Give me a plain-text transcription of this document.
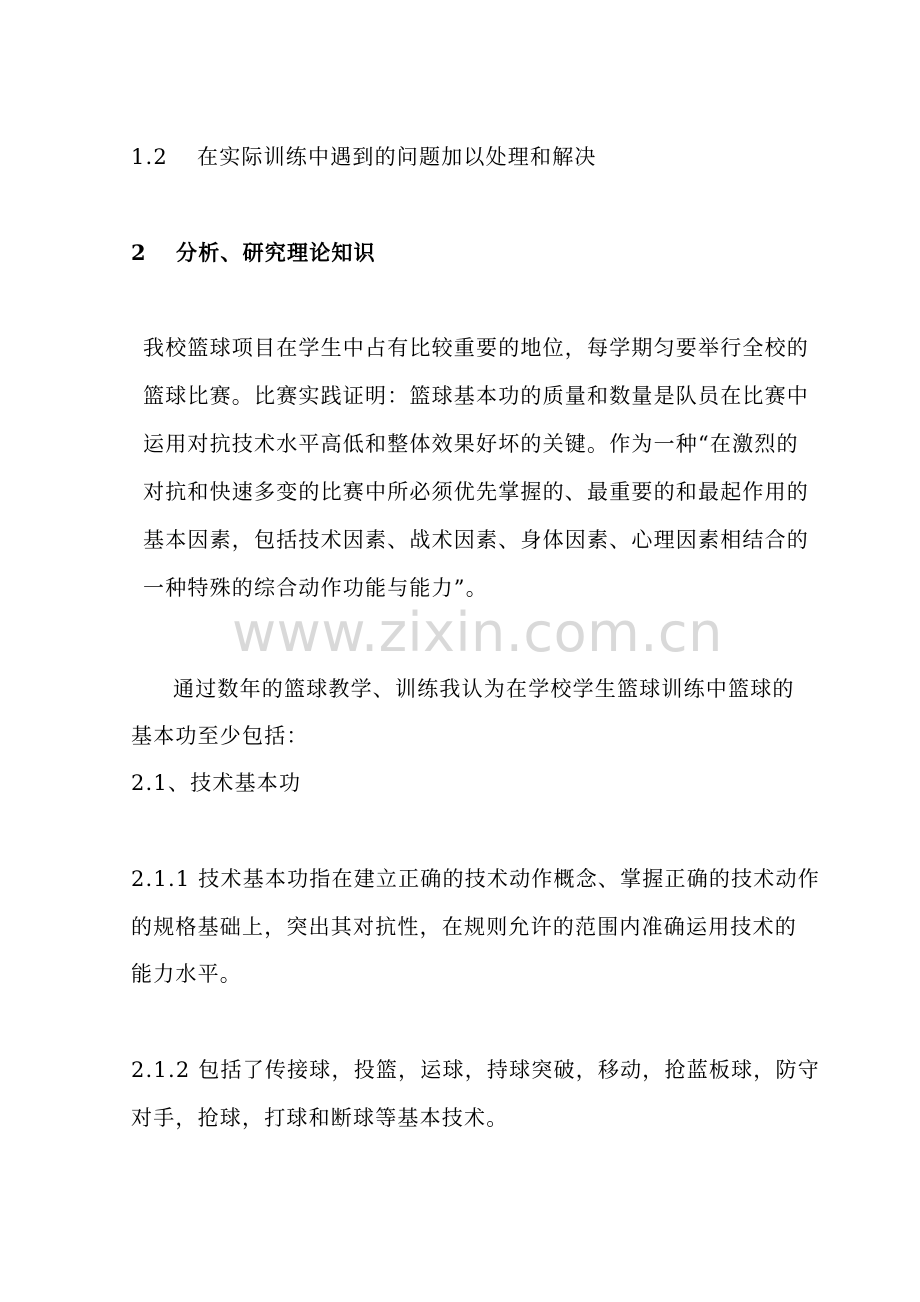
1.2 在实际训练中遇到的问题加以处理和解决
2 分析、研究理论知识
我校篮球项目在学生中占有比较重要的地位，每学期匀要举行全校的
篮球比赛。比赛实践证明：篮球基本功的质量和数量是队员在比赛中
运用对抗技术水平高低和整体效果好坏的关键。作为一种“在激烈的
对抗和快速多变的比赛中所必须优先掌握的、最重要的和最起作用的
基本因素，包括技术因素、战术因素、身体因素、心理因素相结合的
一种特殊的综合动作功能与能力”。
www.zixin.com.cn
通过数年的篮球教学、训练我认为在学校学生篮球训练中篮球的
基本功至少包括：
2.1、技术基本功
2.1.1 技术基本功指在建立正确的技术动作概念、掌握正确的技术动作
的规格基础上，突出其对抗性，在规则允许的范围内准确运用技术的
能力水平。
2.1.2 包括了传接球，投篮，运球，持球突破，移动，抢蓝板球，防守
对手，抢球，打球和断球等基本技术。
